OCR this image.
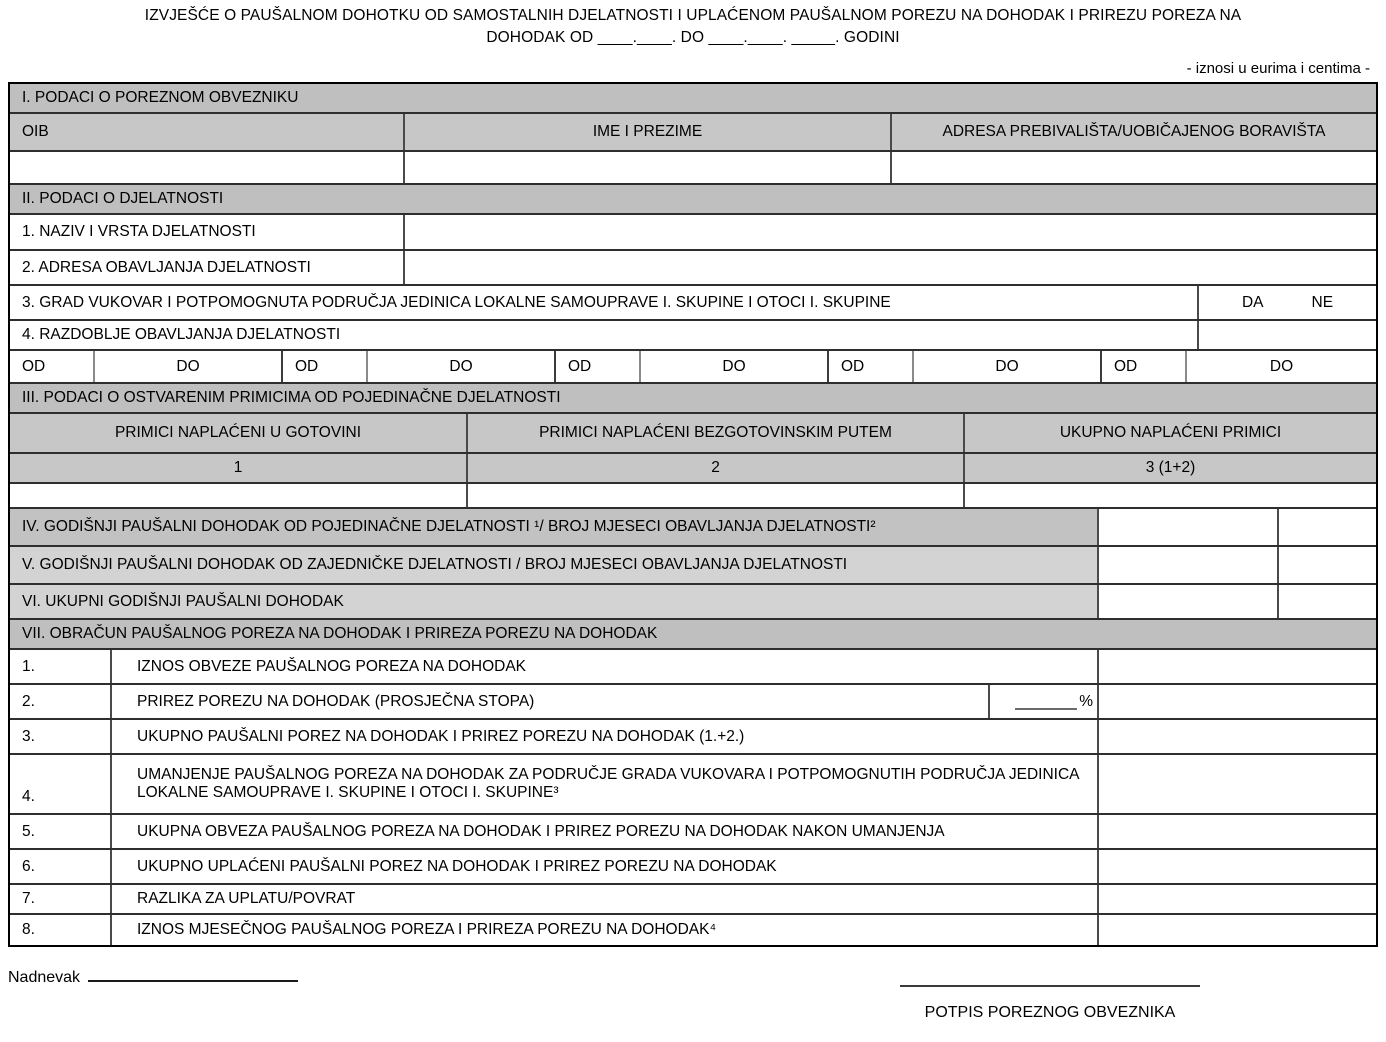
IZVJEŠĆE O PAUŠALNOM DOHOTKU OD SAMOSTALNIH DJELATNOSTI I UPLAĆENOM PAUŠALNOM POREZU NA DOHODAK I PRIREZU POREZA NA
DOHODAK OD ____.____. DO ____.____. _____. GODINI
- iznosi u eurima i centima -
I. PODACI O POREZNOM OBVEZNIKU
OIB	IME I PREZIME	ADRESA PREBIVALIŠTA/UOBIČAJENOG BORAVIŠTA
II. PODACI O DJELATNOSTI
1. NAZIV I VRSTA DJELATNOSTI
2. ADRESA OBAVLJANJA DJELATNOSTI
3. GRAD VUKOVAR I POTPOMOGNUTA PODRUČJA JEDINICA LOKALNE SAMOUPRAVE I. SKUPINE I OTOCI I. SKUPINE	DA	NE
4. RAZDOBLJE OBAVLJANJA DJELATNOSTI
OD	DO	OD	DO	OD	DO	OD	DO	OD	DO
III. PODACI O OSTVARENIM PRIMICIMA OD POJEDINAČNE DJELATNOSTI
PRIMICI NAPLAĆENI U GOTOVINI	PRIMICI NAPLAĆENI BEZGOTOVINSKIM PUTEM	UKUPNO NAPLAĆENI PRIMICI
1	2	3 (1+2)
IV. GODIŠNJI PAUŠALNI DOHODAK OD POJEDINAČNE DJELATNOSTI ¹/ BROJ MJESECI OBAVLJANJA DJELATNOSTI²
V. GODIŠNJI PAUŠALNI DOHODAK OD ZAJEDNIČKE DJELATNOSTI / BROJ MJESECI OBAVLJANJA DJELATNOSTI
VI. UKUPNI GODIŠNJI PAUŠALNI DOHODAK
VII. OBRAČUN PAUŠALNOG POREZA NA DOHODAK I PRIREZA POREZU NA DOHODAK
1.	IZNOS OBVEZE PAUŠALNOG POREZA NA DOHODAK
2.	PRIREZ POREZU NA DOHODAK (PROSJEČNA STOPA)	%
3.	UKUPNO PAUŠALNI POREZ NA DOHODAK I PRIREZ POREZU NA DOHODAK (1.+2.)
4.
UMANJENJE PAUŠALNOG POREZA NA DOHODAK ZA PODRUČJE GRADA VUKOVARA I POTPOMOGNUTIH PODRUČJA JEDINICA LOKALNE SAMOUPRAVE I. SKUPINE I OTOCI I. SKUPINE³
5.	UKUPNA OBVEZA PAUŠALNOG POREZA NA DOHODAK I PRIREZ POREZU NA DOHODAK NAKON UMANJENJA
6.	UKUPNO UPLAĆENI PAUŠALNI POREZ NA DOHODAK I PRIREZ POREZU NA DOHODAK
7.	RAZLIKA ZA UPLATU/POVRAT
8.	IZNOS MJESEČNOG PAUŠALNOG POREZA I PRIREZA POREZU NA DOHODAK⁴
Nadnevak
POTPIS POREZNOG OBVEZNIKA
